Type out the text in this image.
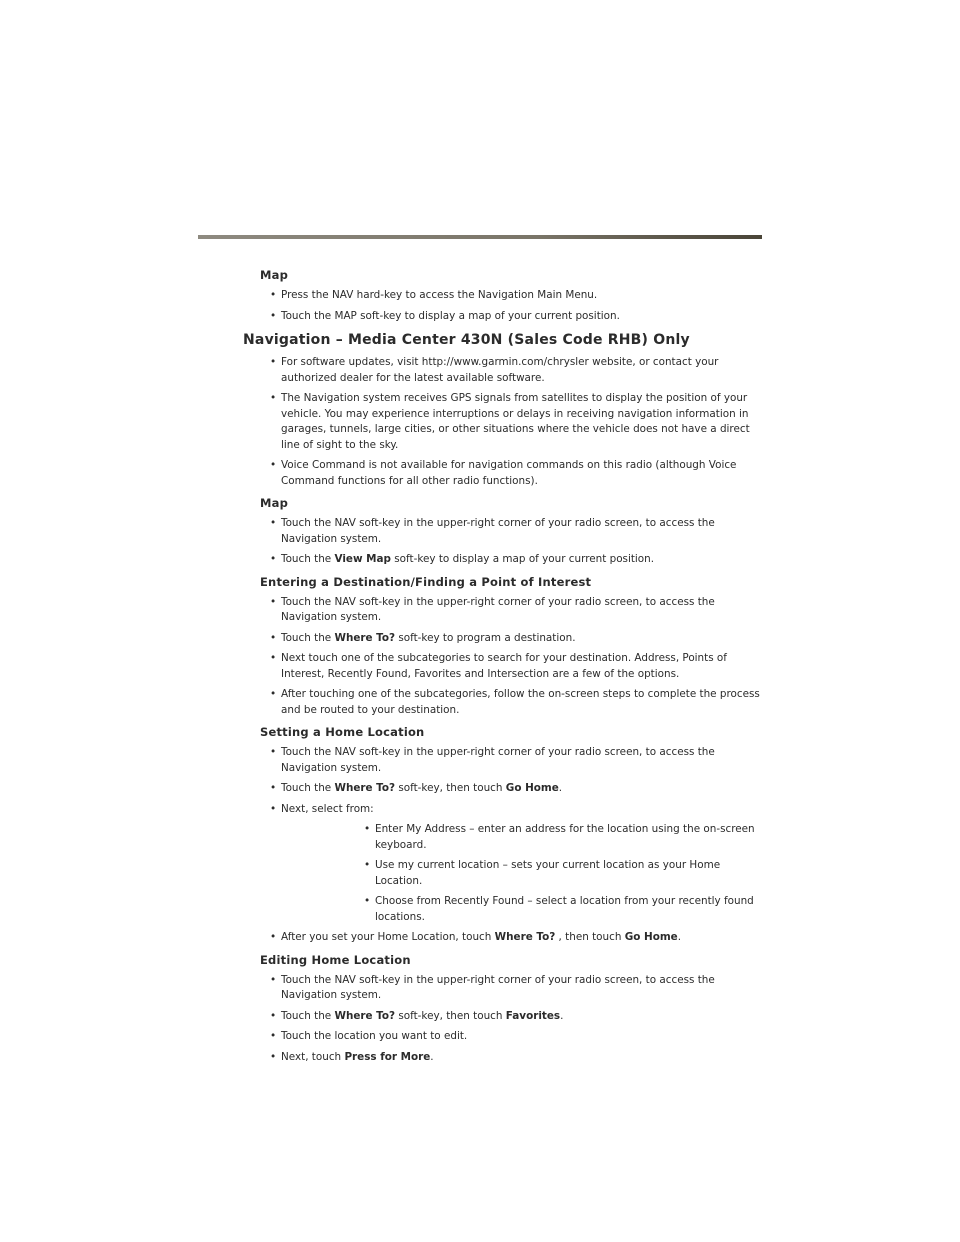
Map
• Press the NAV hard-key to access the Navigation Main Menu.
• Touch the MAP soft-key to display a map of your current position.
Navigation – Media Center 430N (Sales Code RHB) Only
• For software updates, visit http://www.garmin.com/chrysler website, or contact your authorized dealer for the latest available software.
• The Navigation system receives GPS signals from satellites to display the position of your vehicle. You may experience interruptions or delays in receiving navigation information in garages, tunnels, large cities, or other situations where the vehicle does not have a direct line of sight to the sky.
• Voice Command is not available for navigation commands on this radio (although Voice Command functions for all other radio functions).
Map
• Touch the NAV soft-key in the upper-right corner of your radio screen, to access the Navigation system.
• Touch the View Map soft-key to display a map of your current position.
Entering a Destination/Finding a Point of Interest
• Touch the NAV soft-key in the upper-right corner of your radio screen, to access the Navigation system.
• Touch the Where To? soft-key to program a destination.
• Next touch one of the subcategories to search for your destination. Address, Points of Interest, Recently Found, Favorites and Intersection are a few of the options.
• After touching one of the subcategories, follow the on-screen steps to complete the process and be routed to your destination.
Setting a Home Location
• Touch the NAV soft-key in the upper-right corner of your radio screen, to access the Navigation system.
• Touch the Where To? soft-key, then touch Go Home.
• Next, select from:
• Enter My Address – enter an address for the location using the on-screen keyboard.
• Use my current location – sets your current location as your Home Location.
• Choose from Recently Found – select a location from your recently found locations.
• After you set your Home Location, touch Where To? , then touch Go Home.
Editing Home Location
• Touch the NAV soft-key in the upper-right corner of your radio screen, to access the Navigation system.
• Touch the Where To? soft-key, then touch Favorites.
• Touch the location you want to edit.
• Next, touch Press for More.
